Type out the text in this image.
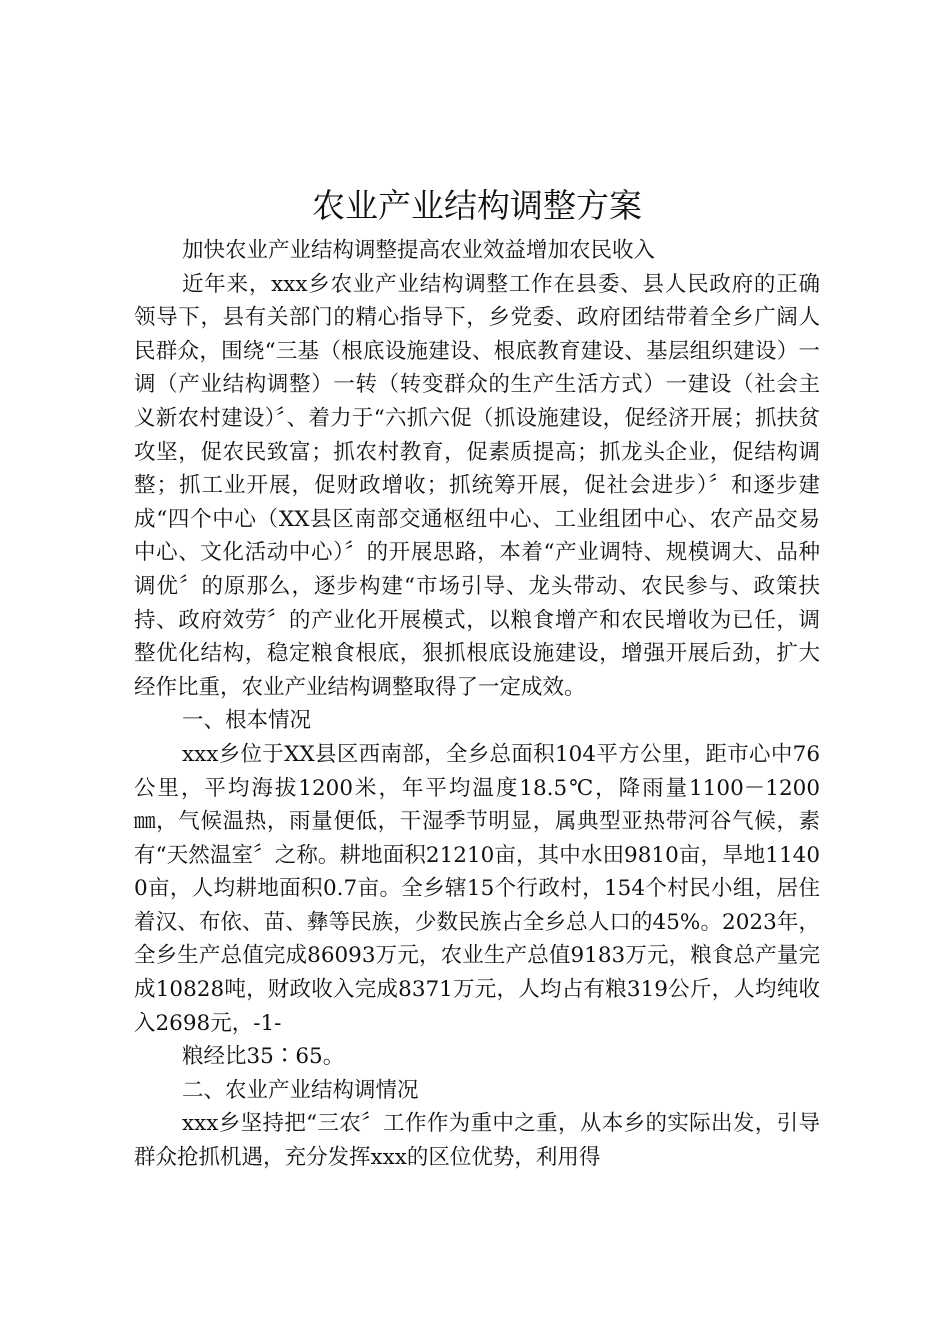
农业产业结构调整方案

加快农业产业结构调整提高农业效益增加农民收入

近年来，xxx乡农业产业结构调整工作在县委、县人民政府的正确领导下，县有关部门的精心指导下，乡党委、政府团结带着全乡广阔人民群众，围绕“三基（根底设施建设、根底教育建设、基层组织建设）一调（产业结构调整）一转（转变群众的生产生活方式）一建设（社会主义新农村建设）〞、着力于“六抓六促（抓设施建设，促经济开展；抓扶贫攻坚，促农民致富；抓农村教育，促素质提高；抓龙头企业，促结构调整；抓工业开展，促财政增收；抓统筹开展，促社会进步）〞和逐步建成“四个中心（XX县区南部交通枢纽中心、工业组团中心、农产品交易中心、文化活动中心）〞的开展思路，本着“产业调特、规模调大、品种调优〞的原那么，逐步构建“市场引导、龙头带动、农民参与、政策扶持、政府效劳〞的产业化开展模式，以粮食增产和农民增收为已任，调整优化结构，稳定粮食根底，狠抓根底设施建设，增强开展后劲，扩大经作比重，农业产业结构调整取得了一定成效。

一、根本情况

xxx乡位于XX县区西南部，全乡总面积104平方公里，距市心中76公里，平均海拔1200米，年平均温度18.5℃，降雨量1100－1200㎜，气候温热，雨量便低，干湿季节明显，属典型亚热带河谷气候，素有“天然温室〞之称。耕地面积21210亩，其中水田9810亩，旱地11400亩，人均耕地面积0.7亩。全乡辖15个行政村，154个村民小组，居住着汉、布依、苗、彝等民族，少数民族占全乡总人口的45%。2023年，全乡生产总值完成86093万元，农业生产总值9183万元，粮食总产量完成10828吨，财政收入完成8371万元，人均占有粮319公斤，人均纯收入2698元，-1-

粮经比35∶65。

二、农业产业结构调情况

xxx乡坚持把“三农〞工作作为重中之重，从本乡的实际出发，引导群众抢抓机遇，充分发挥xxx的区位优势，利用得
